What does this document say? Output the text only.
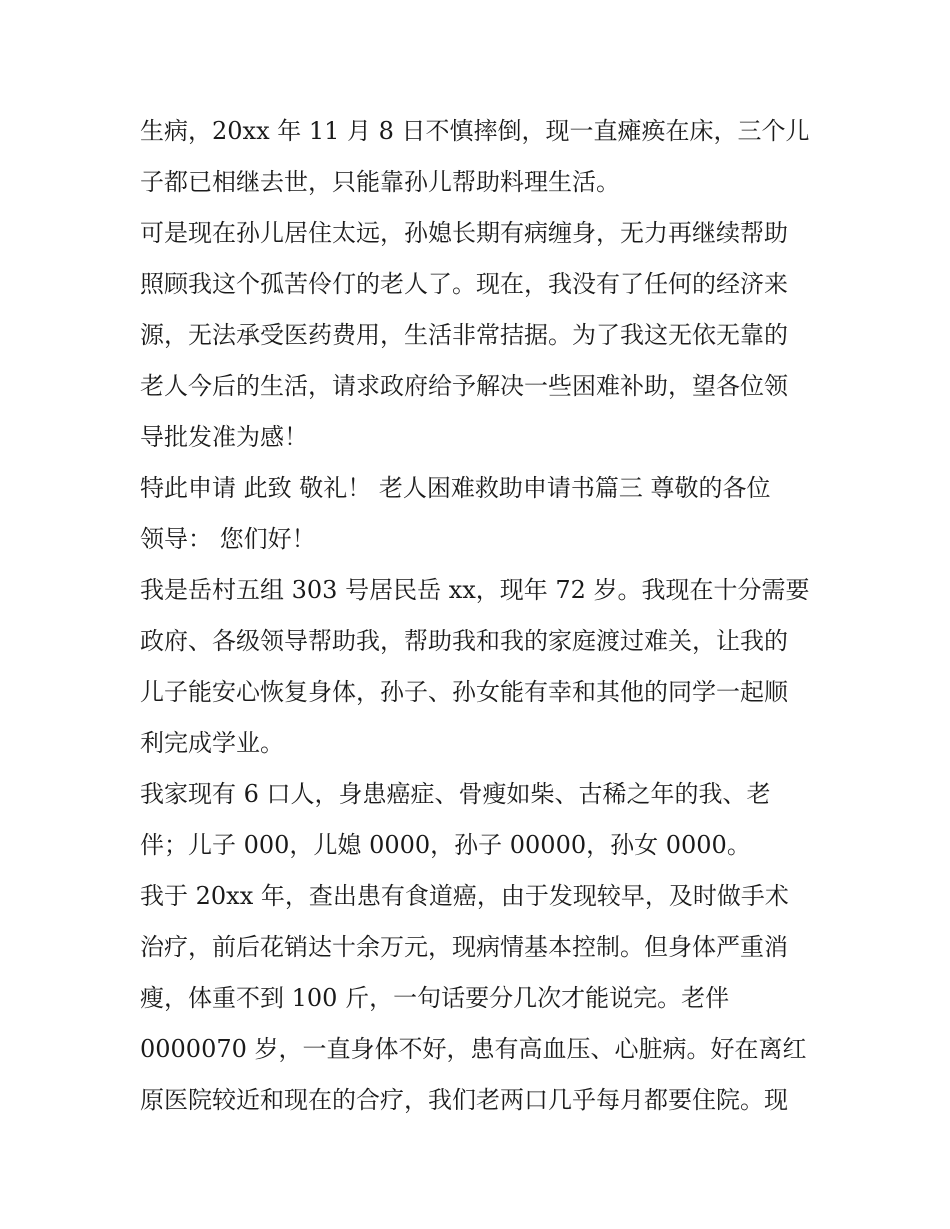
生病，20xx 年 11 月 8 日不慎摔倒，现一直瘫痪在床，三个儿
子都已相继去世，只能靠孙儿帮助料理生活。
可是现在孙儿居住太远，孙媳长期有病缠身，无力再继续帮助
照顾我这个孤苦伶仃的老人了。现在，我没有了任何的经济来
源，无法承受医药费用，生活非常拮据。为了我这无依无靠的
老人今后的生活，请求政府给予解决一些困难补助，望各位领
导批发准为感！
特此申请 此致 敬礼！ 老人困难救助申请书篇三 尊敬的各位
领导： 您们好！
我是岳村五组 303 号居民岳 xx，现年 72 岁。我现在十分需要
政府、各级领导帮助我，帮助我和我的家庭渡过难关，让我的
儿子能安心恢复身体，孙子、孙女能有幸和其他的同学一起顺
利完成学业。
我家现有 6 口人，身患癌症、骨瘦如柴、古稀之年的我、老
伴；儿子 000，儿媳 0000，孙子 00000，孙女 0000。
我于 20xx 年，查出患有食道癌，由于发现较早，及时做手术
治疗，前后花销达十余万元，现病情基本控制。但身体严重消
瘦，体重不到 100 斤，一句话要分几次才能说完。老伴
0000070 岁，一直身体不好，患有高血压、心脏病。好在离红
原医院较近和现在的合疗，我们老两口几乎每月都要住院。现
